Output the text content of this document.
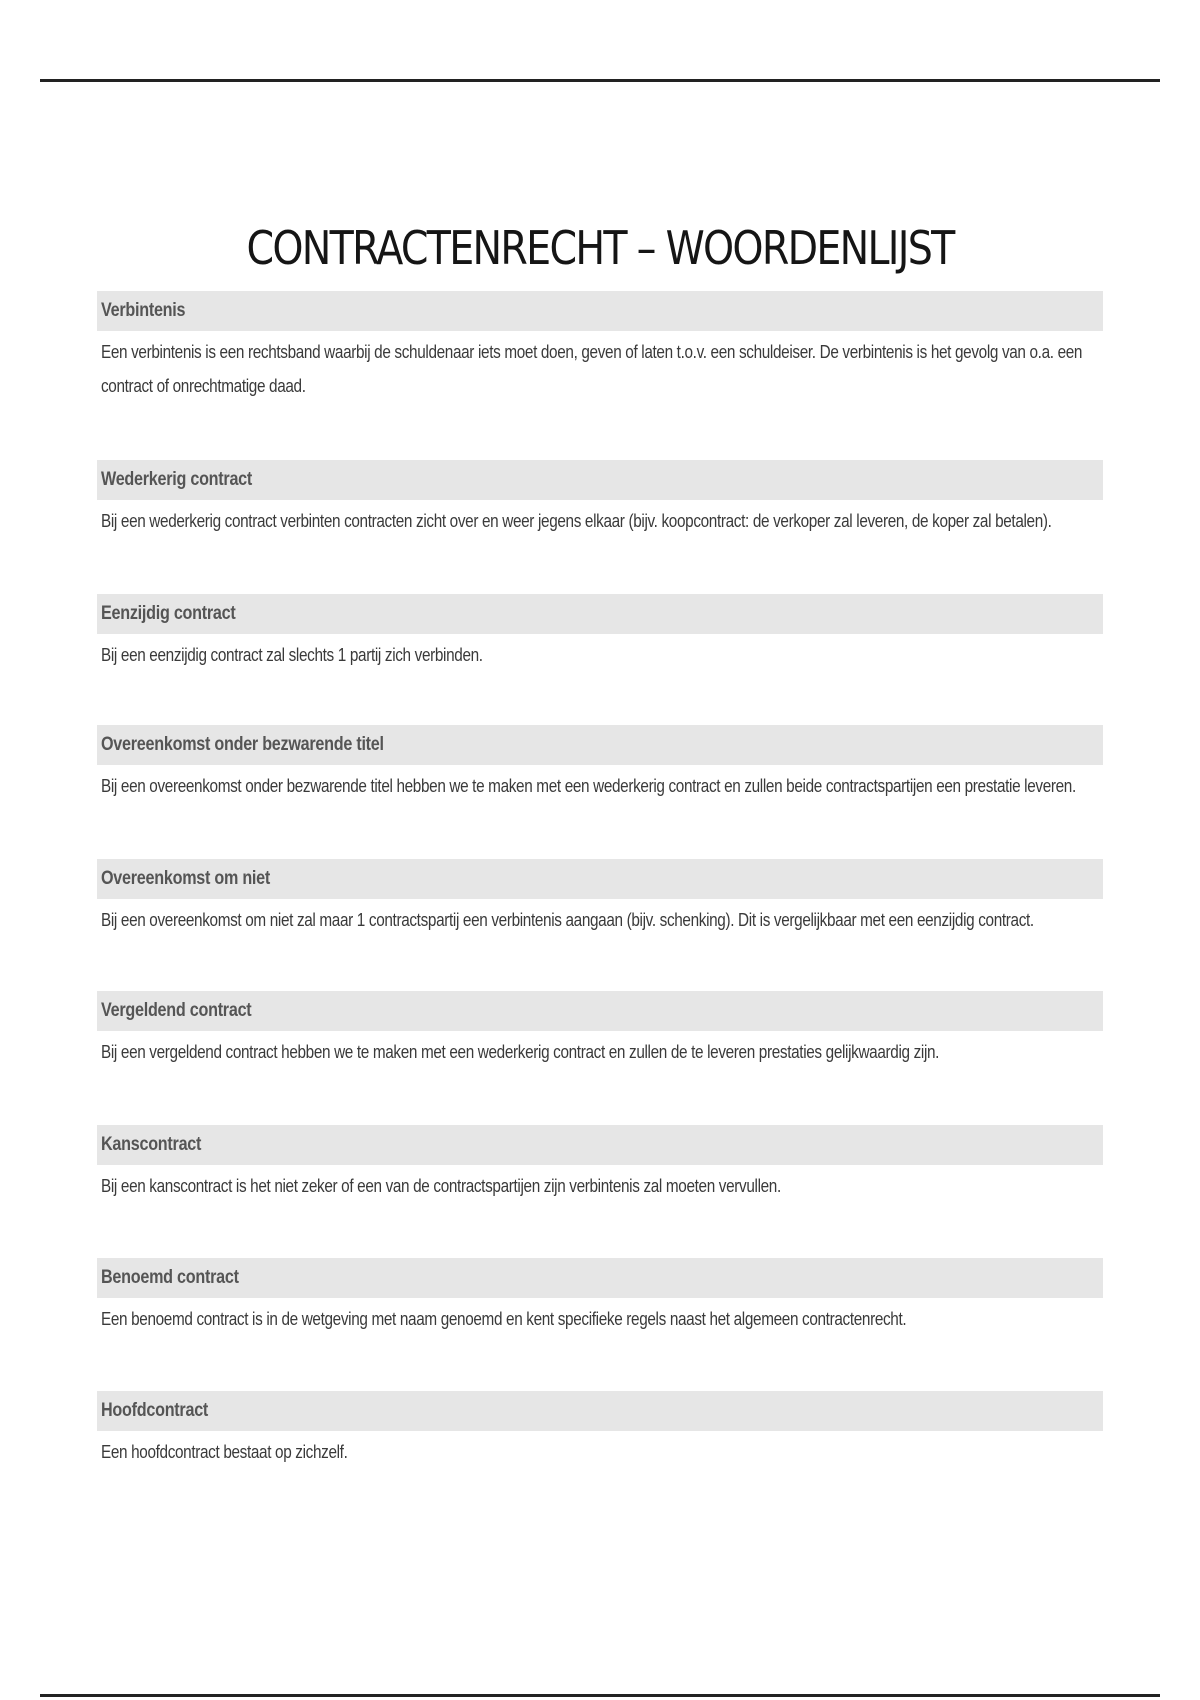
CONTRACTENRECHT – WOORDENLIJST
Verbintenis
Een verbintenis is een rechtsband waarbij de schuldenaar iets moet doen, geven of laten t.o.v. een schuldeiser. De verbintenis is het gevolg van o.a. een contract of onrechtmatige daad.
Wederkerig contract
Bij een wederkerig contract verbinten contracten zicht over en weer jegens elkaar (bijv. koopcontract: de verkoper zal leveren, de koper zal betalen).
Eenzijdig contract
Bij een eenzijdig contract zal slechts 1 partij zich verbinden.
Overeenkomst onder bezwarende titel
Bij een overeenkomst onder bezwarende titel hebben we te maken met een wederkerig contract en zullen beide contractspartijen een prestatie leveren.
Overeenkomst om niet
Bij een overeenkomst om niet zal maar 1 contractspartij een verbintenis aangaan (bijv. schenking). Dit is vergelijkbaar met een eenzijdig contract.
Vergeldend contract
Bij een vergeldend contract hebben we te maken met een wederkerig contract en zullen de te leveren prestaties gelijkwaardig zijn.
Kanscontract
Bij een kanscontract is het niet zeker of een van de contractspartijen zijn verbintenis zal moeten vervullen.
Benoemd contract
Een benoemd contract is in de wetgeving met naam genoemd en kent specifieke regels naast het algemeen contractenrecht.
Hoofdcontract
Een hoofdcontract bestaat op zichzelf.
